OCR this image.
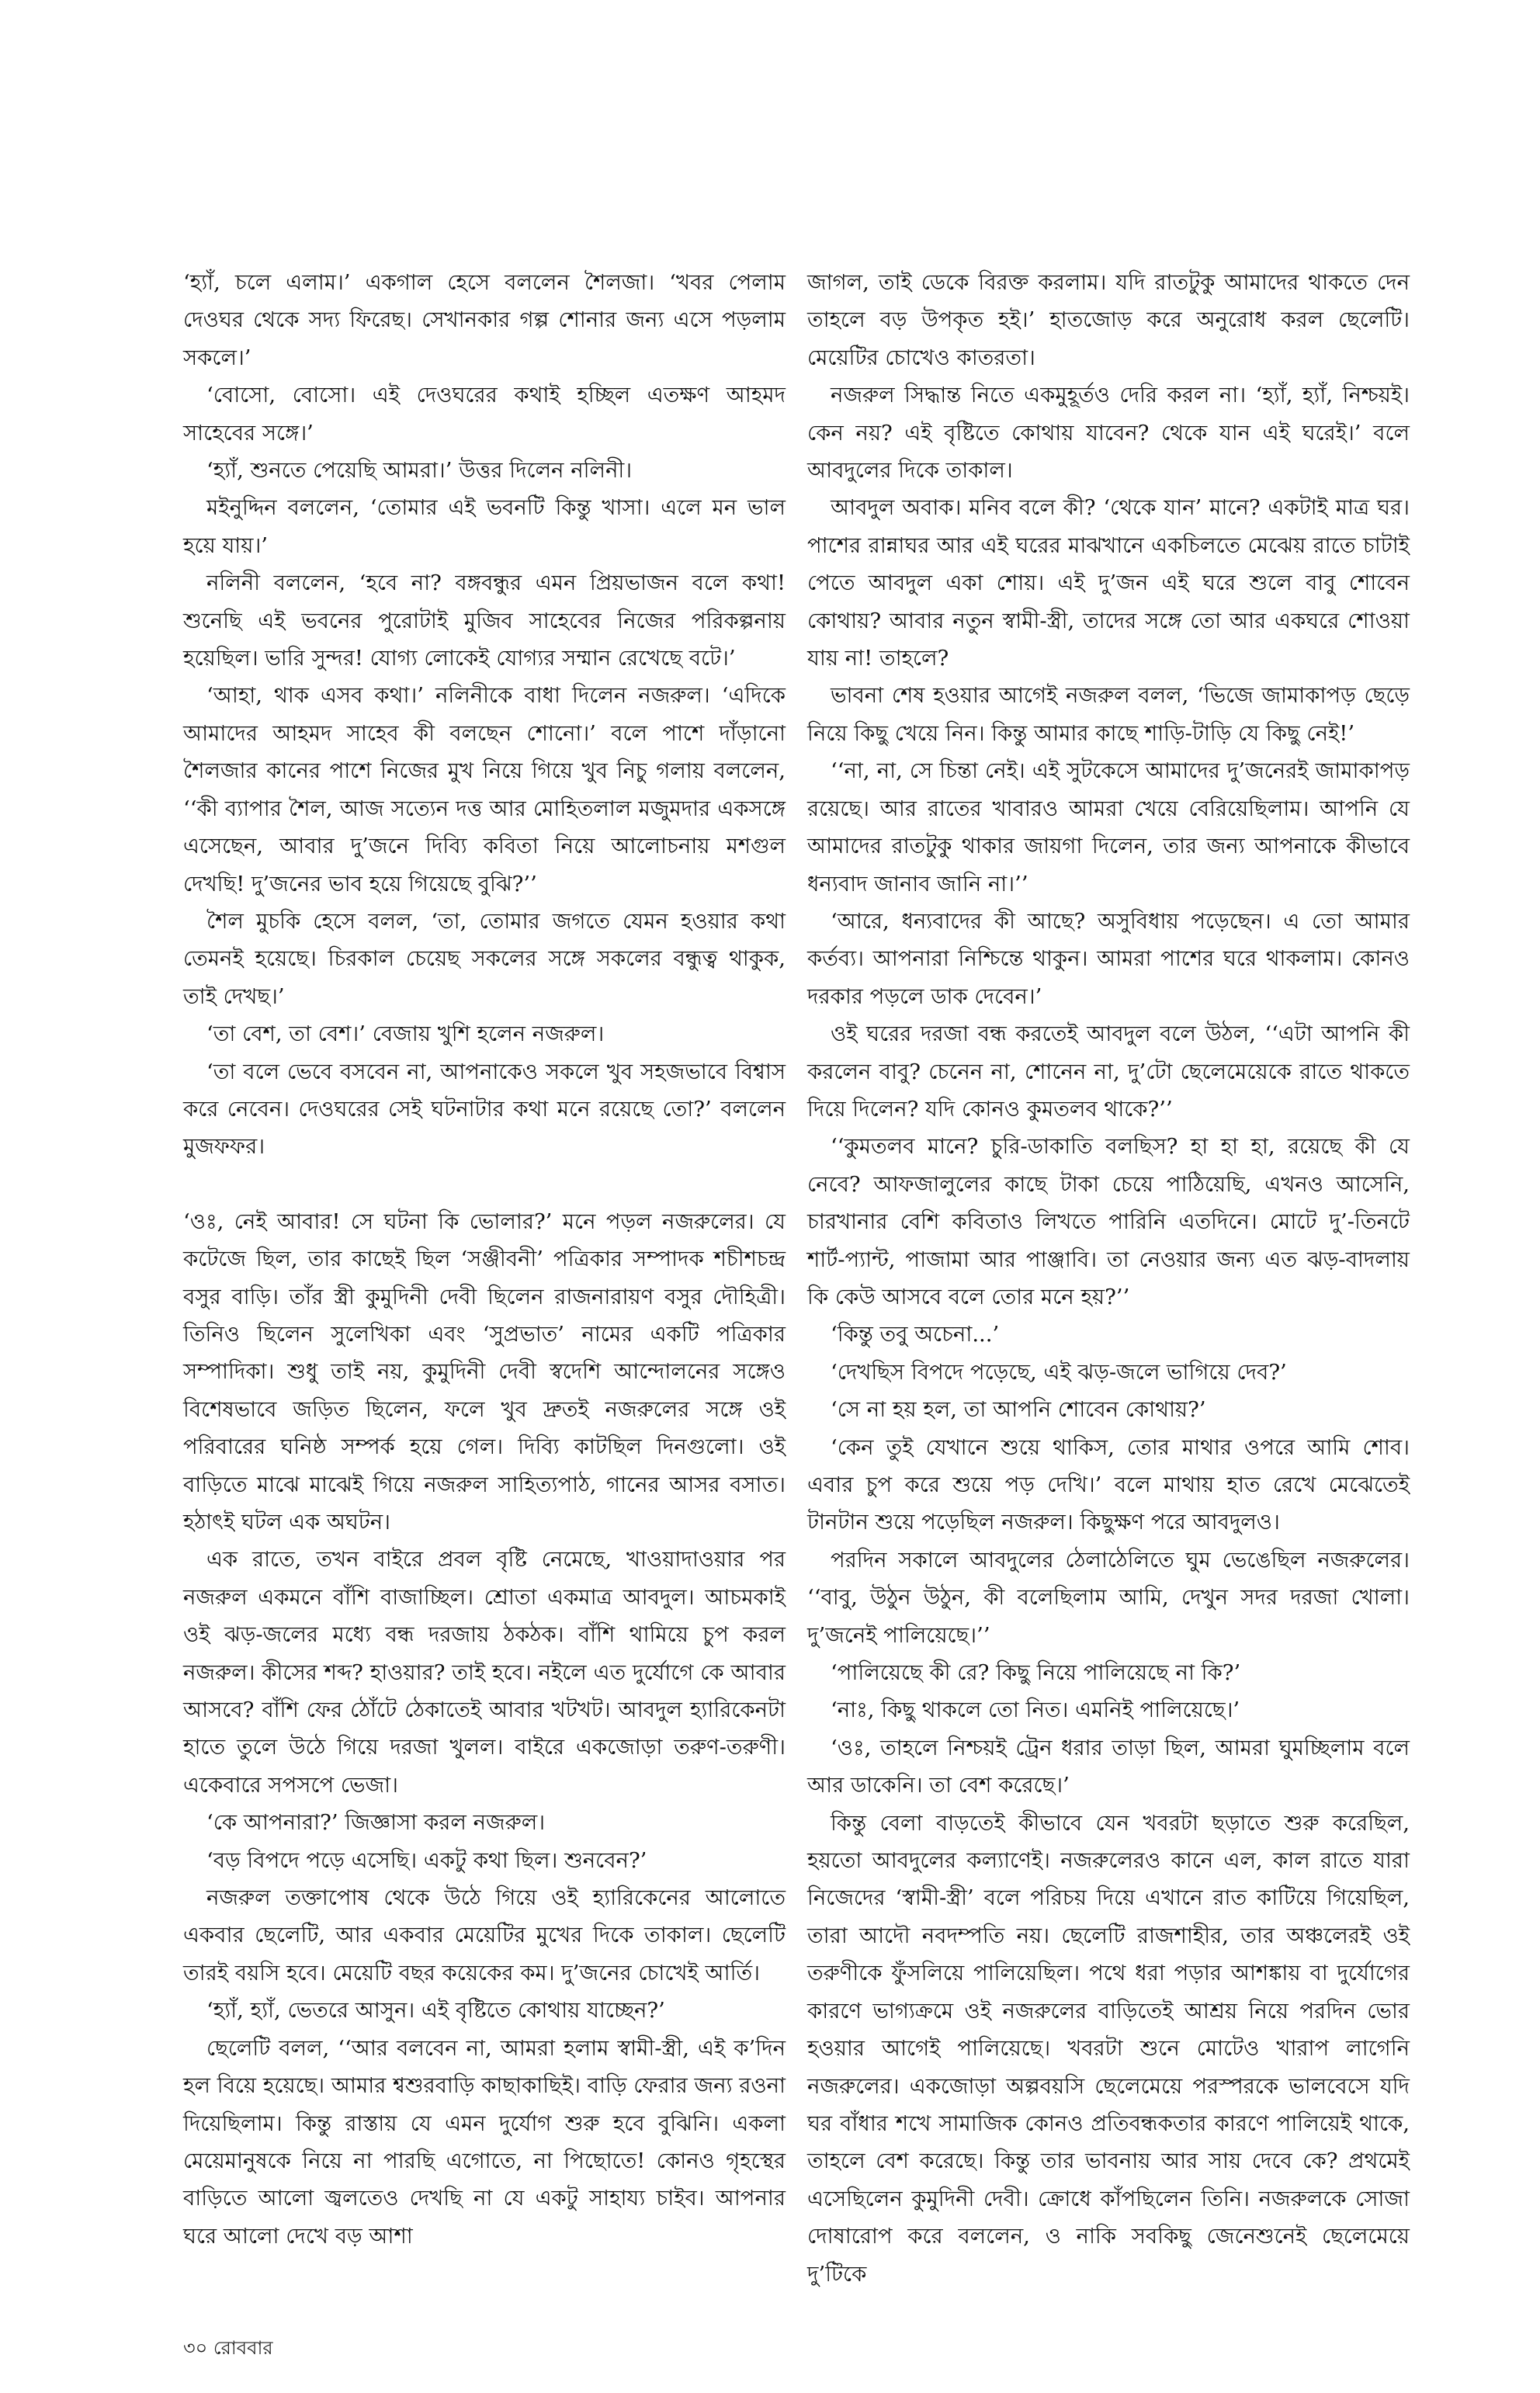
‘হ্যাঁ, চলে এলাম।’ একগাল হেসে বললেন শৈলজা। ‘খবর পেলাম দেওঘর থেকে সদ্য ফিরেছ। সেখানকার গল্প শোনার জন্য এসে পড়লাম সকলে।’

‘বোসো, বোসো। এই দেওঘরের কথাই হচ্ছিল এতক্ষণ আহমদ সাহেবের সঙ্গে।’

‘হ্যাঁ, শুনতে পেয়েছি আমরা।’ উত্তর দিলেন নলিনী।

মইনুদ্দিন বললেন, ‘তোমার এই ভবনটি কিন্তু খাসা। এলে মন ভাল হয়ে যায়।’

নলিনী বললেন, ‘হবে না? বঙ্গবন্ধুর এমন প্রিয়ভাজন বলে কথা! শুনেছি এই ভবনের পুরোটাই মুজিব সাহেবের নিজের পরিকল্পনায় হয়েছিল। ভারি সুন্দর! যোগ্য লোকেই যোগ্যর সম্মান রেখেছে বটে।’

‘আহা, থাক এসব কথা।’ নলিনীকে বাধা দিলেন নজরুল। ‘এদিকে আমাদের আহমদ সাহেব কী বলছেন শোনো।’ বলে পাশে দাঁড়ানো শৈলজার কানের পাশে নিজের মুখ নিয়ে গিয়ে খুব নিচু গলায় বললেন, ‘‘কী ব্যাপার শৈল, আজ সত্যেন দত্ত আর মোহিতলাল মজুমদার একসঙ্গে এসেছেন, আবার দু’জনে দিব্যি কবিতা নিয়ে আলোচনায় মশগুল দেখছি! দু’জনের ভাব হয়ে গিয়েছে বুঝি?’’

শৈল মুচকি হেসে বলল, ‘তা, তোমার জগতে যেমন হওয়ার কথা তেমনই হয়েছে। চিরকাল চেয়েছ সকলের সঙ্গে সকলের বন্ধুত্ব থাকুক, তাই দেখছ।’

‘তা বেশ, তা বেশ।’ বেজায় খুশি হলেন নজরুল।

‘তা বলে ভেবে বসবেন না, আপনাকেও সকলে খুব সহজভাবে বিশ্বাস করে নেবেন। দেওঘরের সেই ঘটনাটার কথা মনে রয়েছে তো?’ বললেন মুজফফর।

‘ওঃ, নেই আবার! সে ঘটনা কি ভোলার?’ মনে পড়ল নজরুলের। যে কটেজে ছিল, তার কাছেই ছিল ‘সঞ্জীবনী’ পত্রিকার সম্পাদক শচীশচন্দ্র বসুর বাড়ি। তাঁর স্ত্রী কুমুদিনী দেবী ছিলেন রাজনারায়ণ বসুর দৌহিত্রী। তিনিও ছিলেন সুলেখিকা এবং ‘সুপ্রভাত’ নামের একটি পত্রিকার সম্পাদিকা। শুধু তাই নয়, কুমুদিনী দেবী স্বদেশি আন্দোলনের সঙ্গেও বিশেষভাবে জড়িত ছিলেন, ফলে খুব দ্রুতই নজরুলের সঙ্গে ওই পরিবারের ঘনিষ্ঠ সম্পর্ক হয়ে গেল। দিব্যি কাটছিল দিনগুলো। ওই বাড়িতে মাঝে মাঝেই গিয়ে নজরুল সাহিত্যপাঠ, গানের আসর বসাত। হঠাৎই ঘটল এক অঘটন।

এক রাতে, তখন বাইরে প্রবল বৃষ্টি নেমেছে, খাওয়াদাওয়ার পর নজরুল একমনে বাঁশি বাজাচ্ছিল। শ্রোতা একমাত্র আবদুল। আচমকাই ওই ঝড়-জলের মধ্যে বন্ধ দরজায় ঠকঠক। বাঁশি থামিয়ে চুপ করল নজরুল। কীসের শব্দ? হাওয়ার? তাই হবে। নইলে এত দুর্যোগে কে আবার আসবে? বাঁশি ফের ঠোঁটে ঠেকাতেই আবার খটখট। আবদুল হ্যারিকেনটা হাতে তুলে উঠে গিয়ে দরজা খুলল। বাইরে একজোড়া তরুণ-তরুণী। একেবারে সপসপে ভেজা।

‘কে আপনারা?’ জিজ্ঞাসা করল নজরুল।

‘বড় বিপদে পড়ে এসেছি। একটু কথা ছিল। শুনবেন?’

নজরুল তক্তাপোষ থেকে উঠে গিয়ে ওই হ্যারিকেনের আলোতে একবার ছেলেটি, আর একবার মেয়েটির মুখের দিকে তাকাল। ছেলেটি তারই বয়সি হবে। মেয়েটি বছর কয়েকের কম। দু’জনের চোখেই আর্তি।

‘হ্যাঁ, হ্যাঁ, ভেতরে আসুন। এই বৃষ্টিতে কোথায় যাচ্ছেন?’

ছেলেটি বলল, ‘‘আর বলবেন না, আমরা হলাম স্বামী-স্ত্রী, এই ক’দিন হল বিয়ে হয়েছে। আমার শ্বশুরবাড়ি কাছাকাছিই। বাড়ি ফেরার জন্য রওনা দিয়েছিলাম। কিন্তু রাস্তায় যে এমন দুর্যোগ শুরু হবে বুঝিনি। একলা মেয়েমানুষকে নিয়ে না পারছি এগোতে, না পিছোতে! কোনও গৃহস্থের বাড়িতে আলো জ্বলতেও দেখছি না যে একটু সাহায্য চাইব। আপনার ঘরে আলো দেখে বড় আশা

জাগল, তাই ডেকে বিরক্ত করলাম। যদি রাতটুকু আমাদের থাকতে দেন তাহলে বড় উপকৃত হই।’ হাতজোড় করে অনুরোধ করল ছেলেটি। মেয়েটির চোখেও কাতরতা।

নজরুল সিদ্ধান্ত নিতে একমুহূর্তও দেরি করল না। ‘হ্যাঁ, হ্যাঁ, নিশ্চয়ই। কেন নয়? এই বৃষ্টিতে কোথায় যাবেন? থেকে যান এই ঘরেই।’ বলে আবদুলের দিকে তাকাল।

আবদুল অবাক। মনিব বলে কী? ‘থেকে যান’ মানে? একটাই মাত্র ঘর। পাশের রান্নাঘর আর এই ঘরের মাঝখানে একচিলতে মেঝেয় রাতে চাটাই পেতে আবদুল একা শোয়। এই দু’জন এই ঘরে শুলে বাবু শোবেন কোথায়? আবার নতুন স্বামী-স্ত্রী, তাদের সঙ্গে তো আর একঘরে শোওয়া যায় না! তাহলে?

ভাবনা শেষ হওয়ার আগেই নজরুল বলল, ‘ভিজে জামাকাপড় ছেড়ে নিয়ে কিছু খেয়ে নিন। কিন্তু আমার কাছে শাড়ি-টাড়ি যে কিছু নেই!’

‘‘না, না, সে চিন্তা নেই। এই সুটকেসে আমাদের দু’জনেরই জামাকাপড় রয়েছে। আর রাতের খাবারও আমরা খেয়ে বেরিয়েছিলাম। আপনি যে আমাদের রাতটুকু থাকার জায়গা দিলেন, তার জন্য আপনাকে কীভাবে ধন্যবাদ জানাব জানি না।’’

‘আরে, ধন্যবাদের কী আছে? অসুবিধায় পড়েছেন। এ তো আমার কর্তব্য। আপনারা নিশ্চিন্তে থাকুন। আমরা পাশের ঘরে থাকলাম। কোনও দরকার পড়লে ডাক দেবেন।’

ওই ঘরের দরজা বন্ধ করতেই আবদুল বলে উঠল, ‘‘এটা আপনি কী করলেন বাবু? চেনেন না, শোনেন না, দু’টো ছেলেমেয়েকে রাতে থাকতে দিয়ে দিলেন? যদি কোনও কুমতলব থাকে?’’

‘‘কুমতলব মানে? চুরি-ডাকাতি বলছিস? হা হা হা, রয়েছে কী যে নেবে? আফজালুলের কাছে টাকা চেয়ে পাঠিয়েছি, এখনও আসেনি, চারখানার বেশি কবিতাও লিখতে পারিনি এতদিনে। মোটে দু’-তিনটে শার্ট-প্যান্ট, পাজামা আর পাঞ্জাবি। তা নেওয়ার জন্য এত ঝড়-বাদলায় কি কেউ আসবে বলে তোর মনে হয়?’’

‘কিন্তু তবু অচেনা...’

‘দেখছিস বিপদে পড়েছে, এই ঝড়-জলে ভাগিয়ে দেব?’

‘সে না হয় হল, তা আপনি শোবেন কোথায়?’

‘কেন তুই যেখানে শুয়ে থাকিস, তোর মাথার ওপরে আমি শোব। এবার চুপ করে শুয়ে পড় দেখি।’ বলে মাথায় হাত রেখে মেঝেতেই টানটান শুয়ে পড়েছিল নজরুল। কিছুক্ষণ পরে আবদুলও।

পরদিন সকালে আবদুলের ঠেলাঠেলিতে ঘুম ভেঙেছিল নজরুলের। ‘‘বাবু, উঠুন উঠুন, কী বলেছিলাম আমি, দেখুন সদর দরজা খোলা। দু’জনেই পালিয়েছে।’’

‘পালিয়েছে কী রে? কিছু নিয়ে পালিয়েছে না কি?’

‘নাঃ, কিছু থাকলে তো নিত। এমনিই পালিয়েছে।’

‘ওঃ, তাহলে নিশ্চয়ই ট্রেন ধরার তাড়া ছিল, আমরা ঘুমচ্ছিলাম বলে আর ডাকেনি। তা বেশ করেছে।’

কিন্তু বেলা বাড়তেই কীভাবে যেন খবরটা ছড়াতে শুরু করেছিল, হয়তো আবদুলের কল্যাণেই। নজরুলেরও কানে এল, কাল রাতে যারা নিজেদের ‘স্বামী-স্ত্রী’ বলে পরিচয় দিয়ে এখানে রাত কাটিয়ে গিয়েছিল, তারা আদৌ নবদম্পতি নয়। ছেলেটি রাজশাহীর, তার অঞ্চলেরই ওই তরুণীকে ফুঁসলিয়ে পালিয়েছিল। পথে ধরা পড়ার আশঙ্কায় বা দুর্যোগের কারণে ভাগ্যক্রমে ওই নজরুলের বাড়িতেই আশ্রয় নিয়ে পরদিন ভোর হওয়ার আগেই পালিয়েছে। খবরটা শুনে মোটেও খারাপ লাগেনি নজরুলের। একজোড়া অল্পবয়সি ছেলেমেয়ে পরস্পরকে ভালবেসে যদি ঘর বাঁধার শখে সামাজিক কোনও প্রতিবন্ধকতার কারণে পালিয়েই থাকে, তাহলে বেশ করেছে। কিন্তু তার ভাবনায় আর সায় দেবে কে? প্রথমেই এসেছিলেন কুমুদিনী দেবী। ক্রোধে কাঁপছিলেন তিনি। নজরুলকে সোজা দোষারোপ করে বললেন, ও নাকি সবকিছু জেনেশুনেই ছেলেমেয়ে দু’টিকে

৩০ রোববার
